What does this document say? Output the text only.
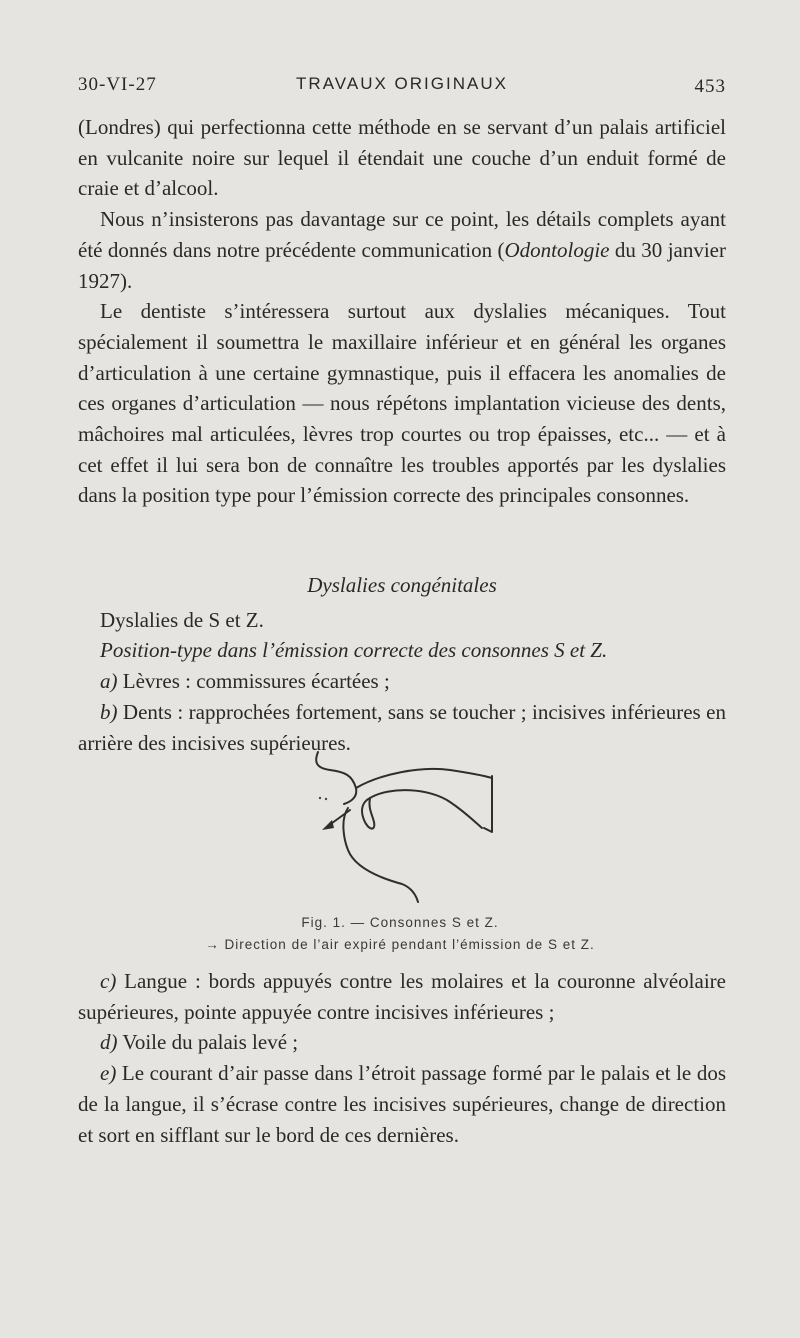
30-VI-27	TRAVAUX ORIGINAUX	453

(Londres) qui perfectionna cette méthode en se servant d’un palais artificiel en vulcanite noire sur lequel il étendait une couche d’un enduit formé de craie et d’alcool.

Nous n’insisterons pas davantage sur ce point, les détails complets ayant été donnés dans notre précédente communication (Odontologie du 30 janvier 1927).

Le dentiste s’intéressera surtout aux dyslalies mécaniques. Tout spécialement il soumettra le maxillaire inférieur et en général les organes d’articulation à une certaine gymnastique, puis il effacera les anomalies de ces organes d’articulation — nous répétons implantation vicieuse des dents, mâchoires mal articulées, lèvres trop courtes ou trop épaisses, etc... — et à cet effet il lui sera bon de connaître les troubles apportés par les dyslalies dans la position type pour l’émission correcte des principales consonnes.

Dyslalies congénitales

Dyslalies de S et Z.

Position-type dans l’émission correcte des consonnes S et Z.

a) Lèvres : commissures écartées ;

b) Dents : rapprochées fortement, sans se toucher ; incisives inférieures en arrière des incisives supérieures.

Fig. 1. — Consonnes S et Z.
→ Direction de l’air expiré pendant l’émission de S et Z.

c) Langue : bords appuyés contre les molaires et la couronne alvéolaire supérieures, pointe appuyée contre incisives inférieures ;

d) Voile du palais levé ;

e) Le courant d’air passe dans l’étroit passage formé par le palais et le dos de la langue, il s’écrase contre les incisives supérieures, change de direction et sort en sifflant sur le bord de ces dernières.
